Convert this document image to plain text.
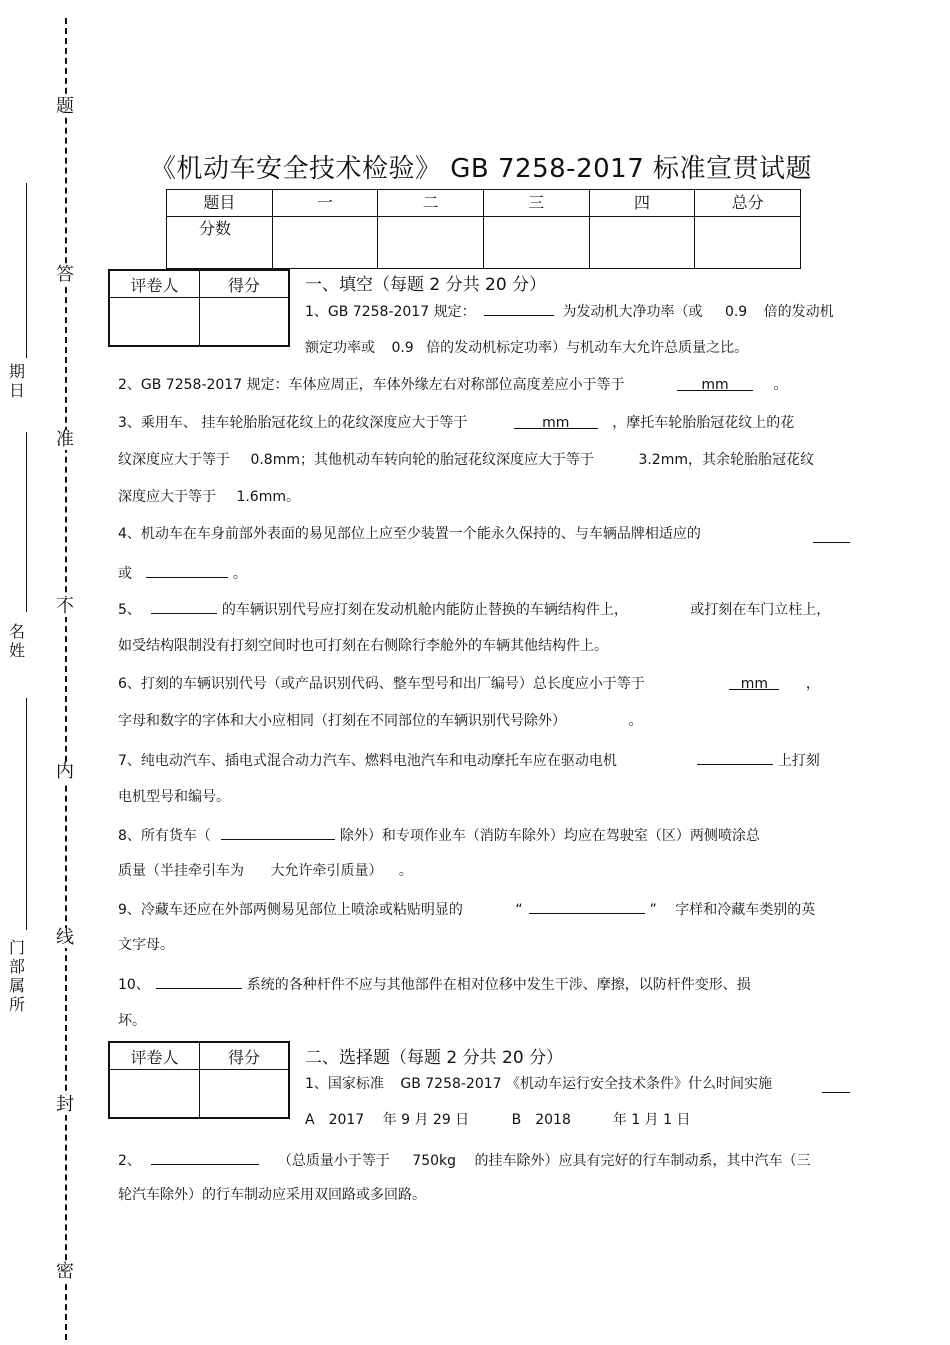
题
答
准
不
内
线
封
密
期日
名姓
门部属所
《机动车安全技术检验》 GB 7258-2017 标准宣贯试题
题目	一	二	三	四	总分
分数					
评卷人	得分	一、填空（每题 2 分共 20 分）
1、GB 7258-2017 规定：	为发动机大净功率（或 0.9 倍的发动机
额定功率或 0.9 倍的发动机标定功率）与机动车大允许总质量之比。
2、GB 7258-2017 规定：车体应周正，车体外缘左右对称部位高度差应小于等于	mm	。
3、乘用车、 挂车轮胎胎冠花纹上的花纹深度应大于等于	mm	，摩托车轮胎胎冠花纹上的花
纹深度应大于等于 0.8mm；其他机动车转向轮的胎冠花纹深度应大于等于	3.2mm，其余轮胎胎冠花纹
深度应大于等于 1.6mm。
4、机动车在车身前部外表面的易见部位上应至少装置一个能永久保持的、与车辆品牌相适应的
或	。
5、	的车辆识别代号应打刻在发动机舱内能防止替换的车辆结构件上，	或打刻在车门立柱上，
如受结构限制没有打刻空间时也可打刻在右侧除行李舱外的车辆其他结构件上。
6、打刻的车辆识别代号（或产品识别代码、整车型号和出厂编号）总长度应小于等于	mm	，
字母和数字的字体和大小应相同（打刻在不同部位的车辆识别代号除外）	。
7、纯电动汽车、插电式混合动力汽车、燃料电池汽车和电动摩托车应在驱动电机	上打刻
电机型号和编号。
8、所有货车（	除外）和专项作业车（消防车除外）均应在驾驶室（区）两侧喷涂总
质量（半挂牵引车为 大允许牵引质量） 。
9、冷藏车还应在外部两侧易见部位上喷涂或粘贴明显的	“	” 字样和冷藏车类别的英
文字母。
10、	系统的各种杆件不应与其他部件在相对位移中发生干涉、摩擦，以防杆件变形、损
坏。
评卷人	得分	二、选择题（每题 2 分共 20 分）
1、国家标准 GB 7258-2017 《机动车运行安全技术条件》什么时间实施
A　2017　 年 9 月 29 日	B　2018　　　年 1 月 1 日
2、	（总质量小于等于 750kg 的挂车除外）应具有完好的行车制动系，其中汽车（三
轮汽车除外）的行车制动应采用双回路或多回路。
